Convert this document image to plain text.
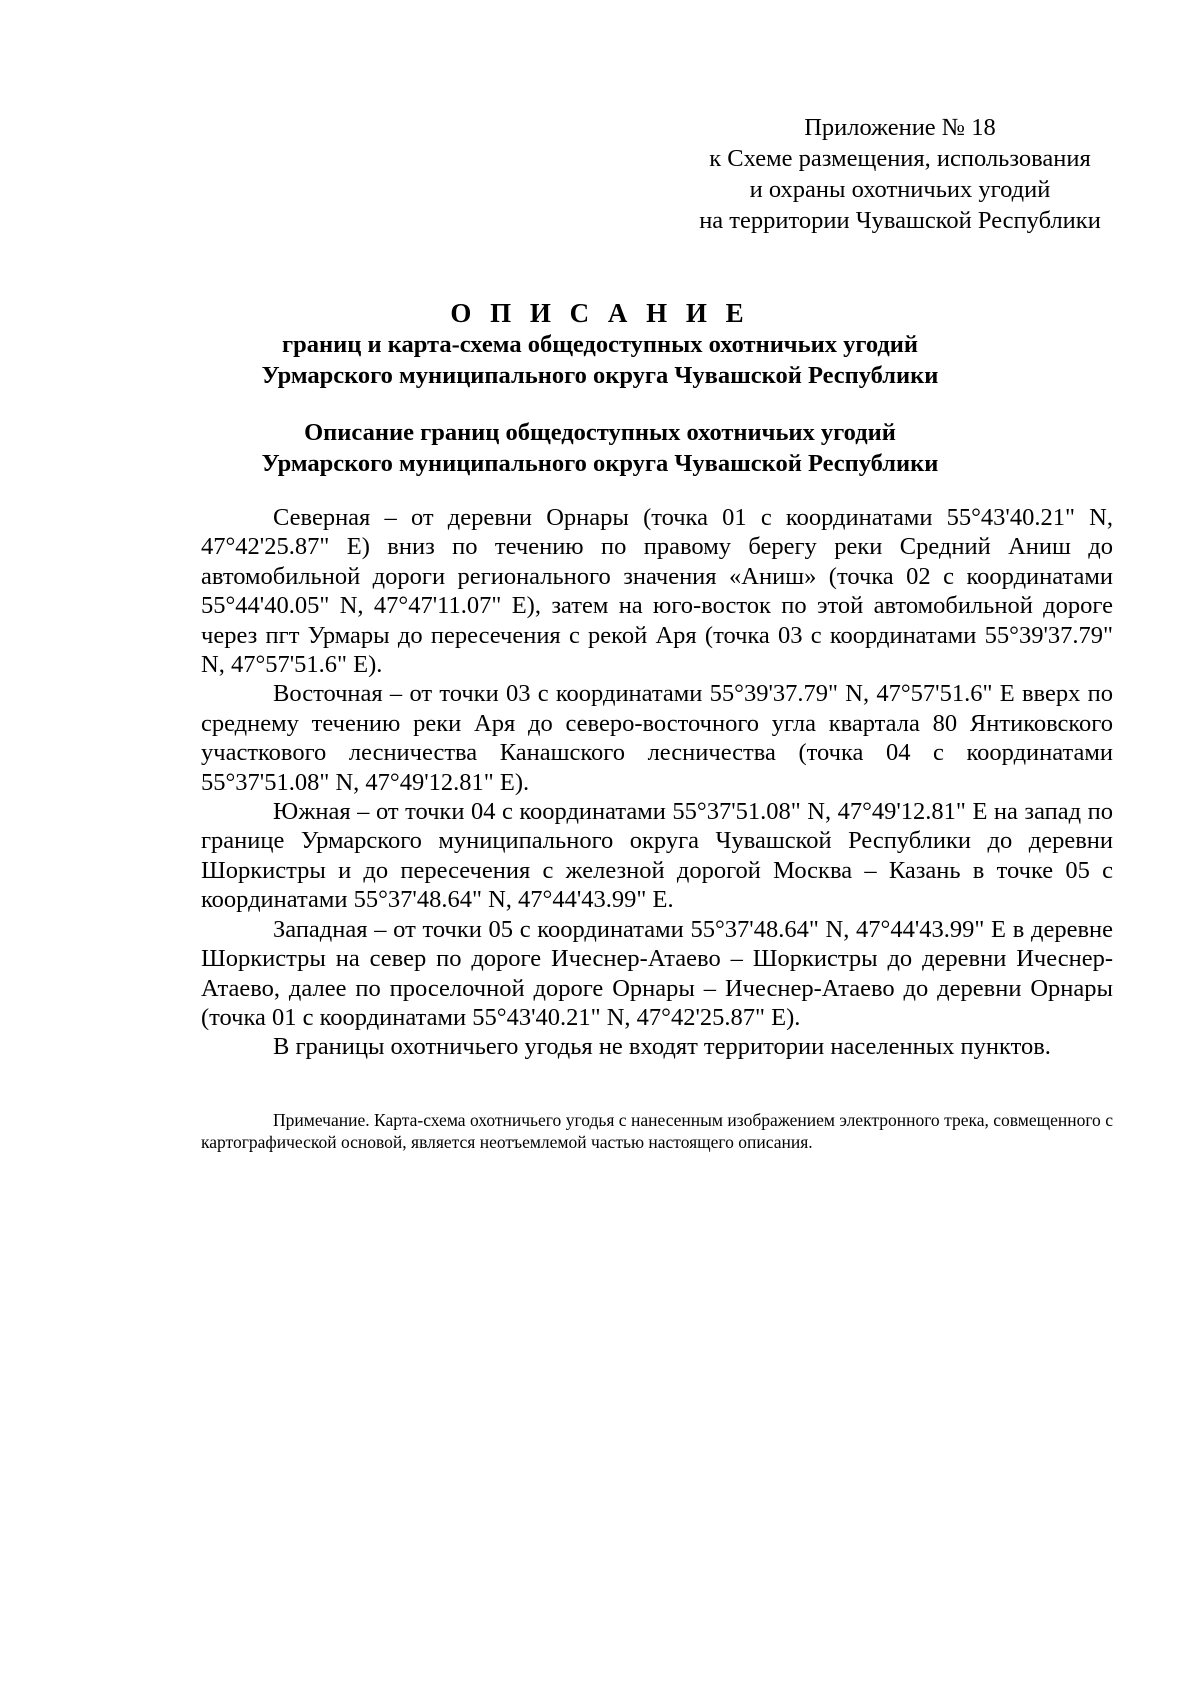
Приложение № 18
к Схеме размещения, использования
и охраны охотничьих угодий
на территории Чувашской Республики
О П И С А Н И Е
границ и карта-схема общедоступных охотничьих угодий
Урмарского муниципального округа Чувашской Республики
Описание границ общедоступных охотничьих угодий
Урмарского муниципального округа Чувашской Республики

Северная – от деревни Орнары (точка 01 с координатами 55°43'40.21" N, 47°42'25.87" E) вниз по течению по правому берегу реки Средний Аниш до автомобильной дороги регионального значения «Аниш» (точка 02 с координатами 55°44'40.05" N, 47°47'11.07" E), затем на юго-восток по этой автомобильной дороге через пгт Урмары до пересечения с рекой Аря (точка 03 с координатами 55°39'37.79" N, 47°57'51.6" E).

Восточная – от точки 03 с координатами 55°39'37.79" N, 47°57'51.6" E вверх по среднему течению реки Аря до северо-восточного угла квартала 80 Янтиковского участкового лесничества Канашского лесничества (точка 04 с координатами 55°37'51.08" N, 47°49'12.81" E).

Южная – от точки 04 с координатами 55°37'51.08" N, 47°49'12.81" E на запад по границе Урмарского муниципального округа Чувашской Республики до деревни Шоркистры и до пересечения с железной дорогой Москва – Казань в точке 05 с координатами 55°37'48.64" N, 47°44'43.99" E.

Западная – от точки 05 с координатами 55°37'48.64" N, 47°44'43.99" E в деревне Шоркистры на север по дороге Ичеснер-Атаево – Шоркистры до деревни Ичеснер-Атаево, далее по проселочной дороге Орнары – Ичеснер-Атаево до деревни Орнары (точка 01 с координатами 55°43'40.21" N, 47°42'25.87" E).

В границы охотничьего угодья не входят территории населенных пунктов.

Примечание. Карта-схема охотничьего угодья с нанесенным изображением электронного трека, совмещенного с картографической основой, является неотъемлемой частью настоящего описания.
